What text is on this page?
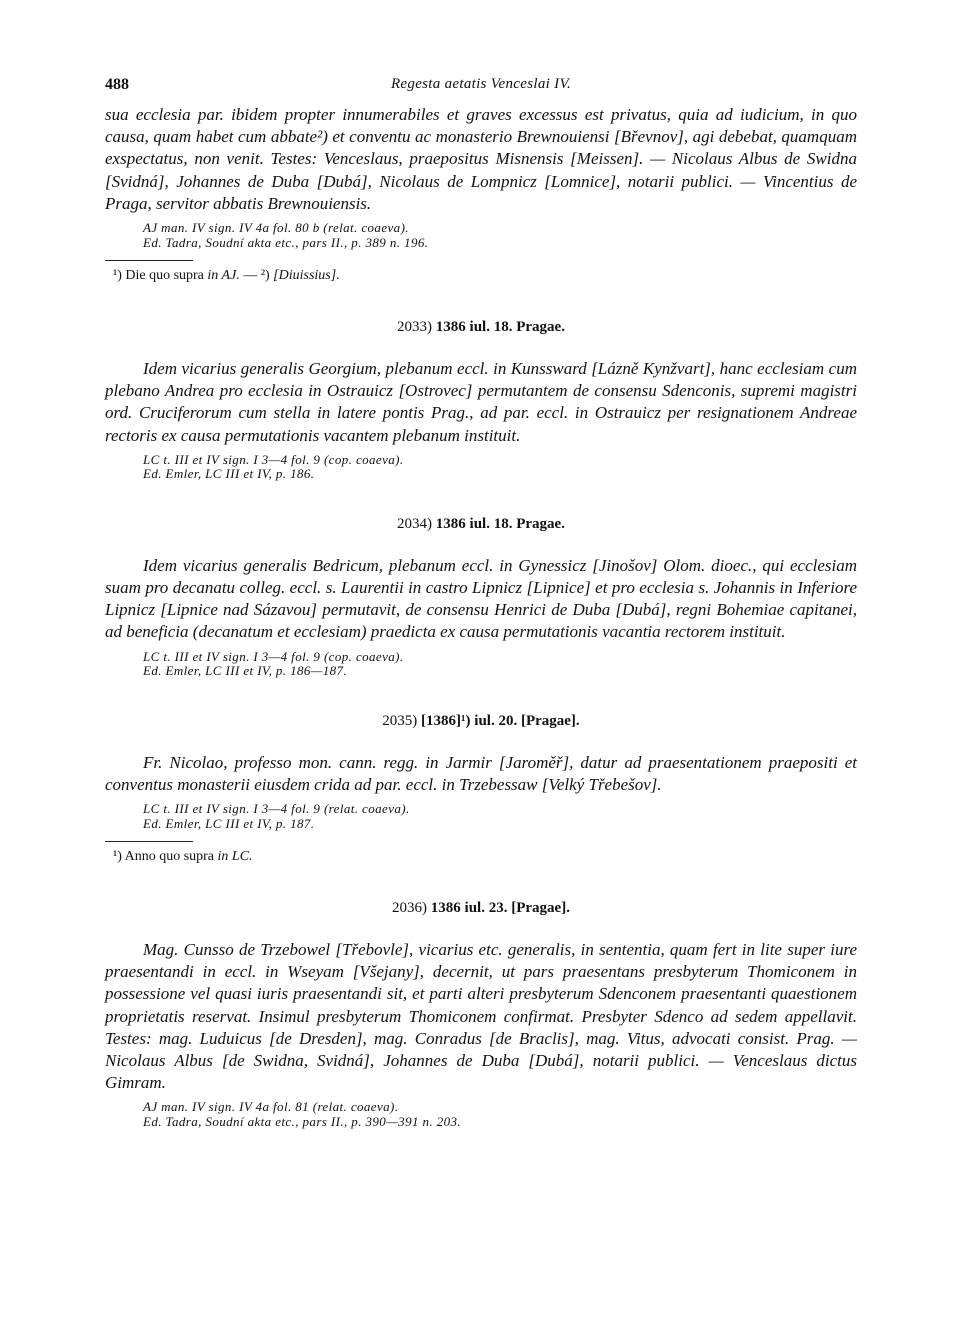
488	Regesta aetatis Venceslai IV.

sua ecclesia par. ibidem propter innumerabiles et graves excessus est privatus, quia ad iudicium, in quo causa, quam habet cum abbate²) et conventu ac monasterio Brewnouiensi [Břevnov], agi debebat, quamquam exspectatus, non venit. Testes: Venceslaus, praepositus Misnensis [Meissen]. — Nicolaus Albus de Swidna [Svidná], Johannes de Duba [Dubá], Nicolaus de Lompnicz [Lomnice], notarii publici. — Vincentius de Praga, servitor abbatis Brewnouiensis.

AJ man. IV sign. IV 4a fol. 80 b (relat. coaeva).
Ed. Tadra, Soudní akta etc., pars II., p. 389 n. 196.
¹) Die quo supra in AJ. — ²) [Diuissius].
2033) 1386 iul. 18. Pragae.

Idem vicarius generalis Georgium, plebanum eccl. in Kunssward [Lázně Kynžvart], hanc ecclesiam cum plebano Andrea pro ecclesia in Ostrauicz [Ostrovec] permutantem de consensu Sdenconis, supremi magistri ord. Cruciferorum cum stella in latere pontis Prag., ad par. eccl. in Ostrauicz per resignationem Andreae rectoris ex causa permutationis vacantem plebanum instituit.

LC t. III et IV sign. I 3—4 fol. 9 (cop. coaeva).
Ed. Emler, LC III et IV, p. 186.
2034) 1386 iul. 18. Pragae.

Idem vicarius generalis Bedricum, plebanum eccl. in Gynessicz [Jinošov] Olom. dioec., qui ecclesiam suam pro decanatu colleg. eccl. s. Laurentii in castro Lipnicz [Lipnice] et pro ecclesia s. Johannis in Inferiore Lipnicz [Lipnice nad Sázavou] permutavit, de consensu Henrici de Duba [Dubá], regni Bohemiae capitanei, ad beneficia (decanatum et ecclesiam) praedicta ex causa permutationis vacantia rectorem instituit.

LC t. III et IV sign. I 3—4 fol. 9 (cop. coaeva).
Ed. Emler, LC III et IV, p. 186—187.
2035) [1386]¹) iul. 20. [Pragae].

Fr. Nicolao, professo mon. cann. regg. in Jarmir [Jaroměř], datur ad praesentationem praepositi et conventus monasterii eiusdem crida ad par. eccl. in Trzebessaw [Velký Třebešov].

LC t. III et IV sign. I 3—4 fol. 9 (relat. coaeva).
Ed. Emler, LC III et IV, p. 187.
¹) Anno quo supra in LC.
2036) 1386 iul. 23. [Pragae].

Mag. Cunsso de Trzebowel [Třebovle], vicarius etc. generalis, in sententia, quam fert in lite super iure praesentandi in eccl. in Wseyam [Všejany], decernit, ut pars praesentans presbyterum Thomiconem in possessione vel quasi iuris praesentandi sit, et parti alteri presbyterum Sdenconem praesentanti quaestionem proprietatis reservat. Insimul presbyterum Thomiconem confirmat. Presbyter Sdenco ad sedem appellavit. Testes: mag. Luduicus [de Dresden], mag. Conradus [de Braclis], mag. Vitus, advocati consist. Prag. — Nicolaus Albus [de Swidna, Svidná], Johannes de Duba [Dubá], notarii publici. — Venceslaus dictus Gimram.

AJ man. IV sign. IV 4a fol. 81 (relat. coaeva).
Ed. Tadra, Soudní akta etc., pars II., p. 390—391 n. 203.
